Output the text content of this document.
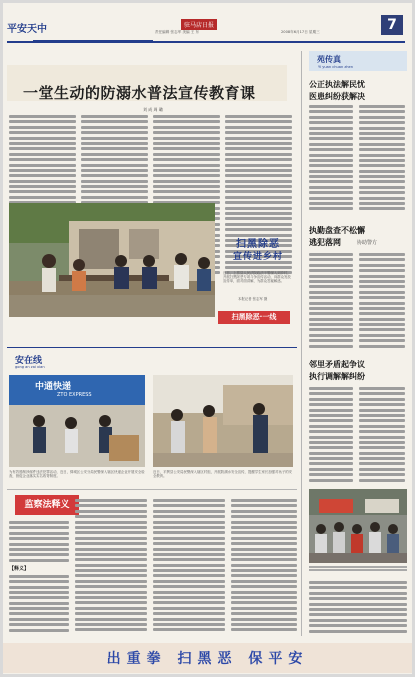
平安天中	驻马店日报
责任编辑 张志军 美编 王 东	2008年6月17日 星期三	7
一堂生动的防溺水普法宣传教育课
刘 成 周 璐
扫黑除恶
宣传进乡村
近日，上蔡县人民法院政法干警深入到乡村，开展扫黑除恶专项斗争宣传活动，向群众发放宣传单，面对面讲解，为群众答疑解惑。
本报记者 张志军 摄
扫黑除恶·一线
苑传真
Yi yuan chuan zhen
公正执法解民忧
医患纠纷获解决
执勤盘查不松懈
逃犯落网	协助警方
邻里矛盾起争议
执行调解解纠纷
安在线
gong an zai xian
中通快递
ZTO EXPRESS
为有效遏制涉邮件违法犯罪活动，近日，驿城区公安分局民警深入辖区快递企业开展安全检查，督促企业落实实名收寄制度。
近日，平舆县公安局民警深入辖区村组，开展防溺水安全宣传，提醒学生家长加强对孩子的安全教育。
监察法释义
【释义】
出重拳 扫黑恶 保平安
